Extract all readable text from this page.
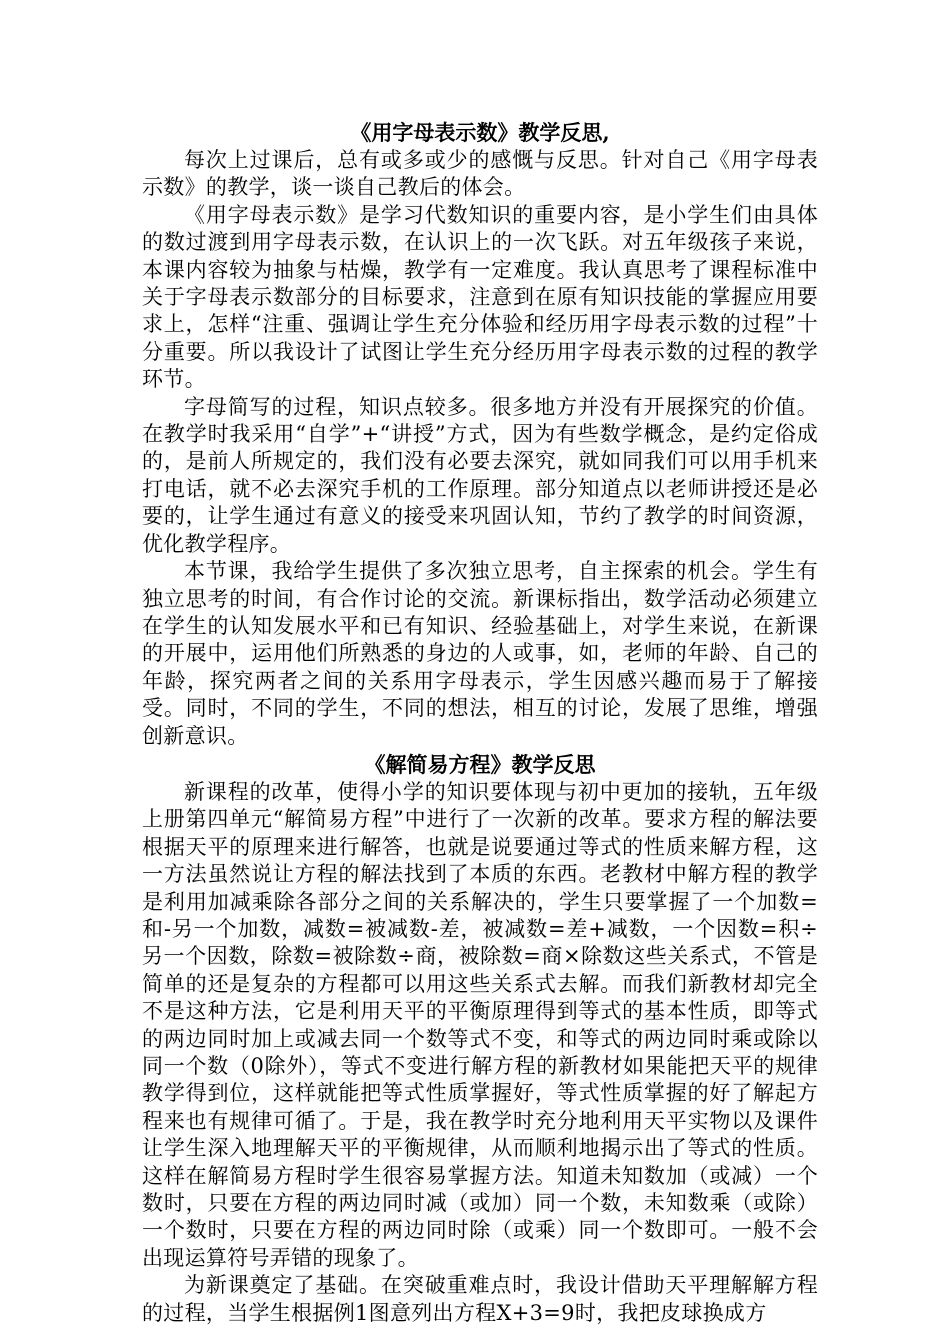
《用字母表示数》教学反思,

每次上过课后，总有或多或少的感慨与反思。针对自己《用字母表示数》的教学，谈一谈自己教后的体会。

《用字母表示数》是学习代数知识的重要内容，是小学生们由具体的数过渡到用字母表示数，在认识上的一次飞跃。对五年级孩子来说，本课内容较为抽象与枯燥，教学有一定难度。我认真思考了课程标准中关于字母表示数部分的目标要求，注意到在原有知识技能的掌握应用要求上，怎样“注重、强调让学生充分体验和经历用字母表示数的过程”十分重要。所以我设计了试图让学生充分经历用字母表示数的过程的教学环节。

字母简写的过程，知识点较多。很多地方并没有开展探究的价值。在教学时我采用“自学”+“讲授”方式，因为有些数学概念，是约定俗成的，是前人所规定的，我们没有必要去深究，就如同我们可以用手机来打电话，就不必去深究手机的工作原理。部分知道点以老师讲授还是必要的，让学生通过有意义的接受来巩固认知，节约了教学的时间资源，优化教学程序。

本节课，我给学生提供了多次独立思考，自主探索的机会。学生有独立思考的时间，有合作讨论的交流。新课标指出，数学活动必须建立在学生的认知发展水平和已有知识、经验基础上，对学生来说，在新课的开展中，运用他们所熟悉的身边的人或事，如，老师的年龄、自己的年龄，探究两者之间的关系用字母表示，学生因感兴趣而易于了解接受。同时，不同的学生，不同的想法，相互的讨论，发展了思维，增强创新意识。

《解简易方程》教学反思

新课程的改革，使得小学的知识要体现与初中更加的接轨，五年级上册第四单元“解简易方程”中进行了一次新的改革。要求方程的解法要根据天平的原理来进行解答，也就是说要通过等式的性质来解方程，这一方法虽然说让方程的解法找到了本质的东西。老教材中解方程的教学是利用加减乘除各部分之间的关系解决的，学生只要掌握了一个加数=和-另一个加数，减数=被减数-差，被减数=差+减数，一个因数=积÷另一个因数，除数=被除数÷商，被除数=商×除数这些关系式，不管是简单的还是复杂的方程都可以用这些关系式去解。而我们新教材却完全不是这种方法，它是利用天平的平衡原理得到等式的基本性质，即等式的两边同时加上或减去同一个数等式不变，和等式的两边同时乘或除以同一个数（0除外），等式不变进行解方程的新教材如果能把天平的规律教学得到位，这样就能把等式性质掌握好，等式性质掌握的好了解起方程来也有规律可循了。于是，我在教学时充分地利用天平实物以及课件让学生深入地理解天平的平衡规律，从而顺利地揭示出了等式的性质。这样在解简易方程时学生很容易掌握方法。知道未知数加（或减）一个数时，只要在方程的两边同时减（或加）同一个数，未知数乘（或除）一个数时，只要在方程的两边同时除（或乘）同一个数即可。一般不会出现运算符号弄错的现象了。

为新课奠定了基础。在突破重难点时，我设计借助天平理解解方程的过程，当学生根据例1图意列出方程X+3=9时，我把皮球换成方
